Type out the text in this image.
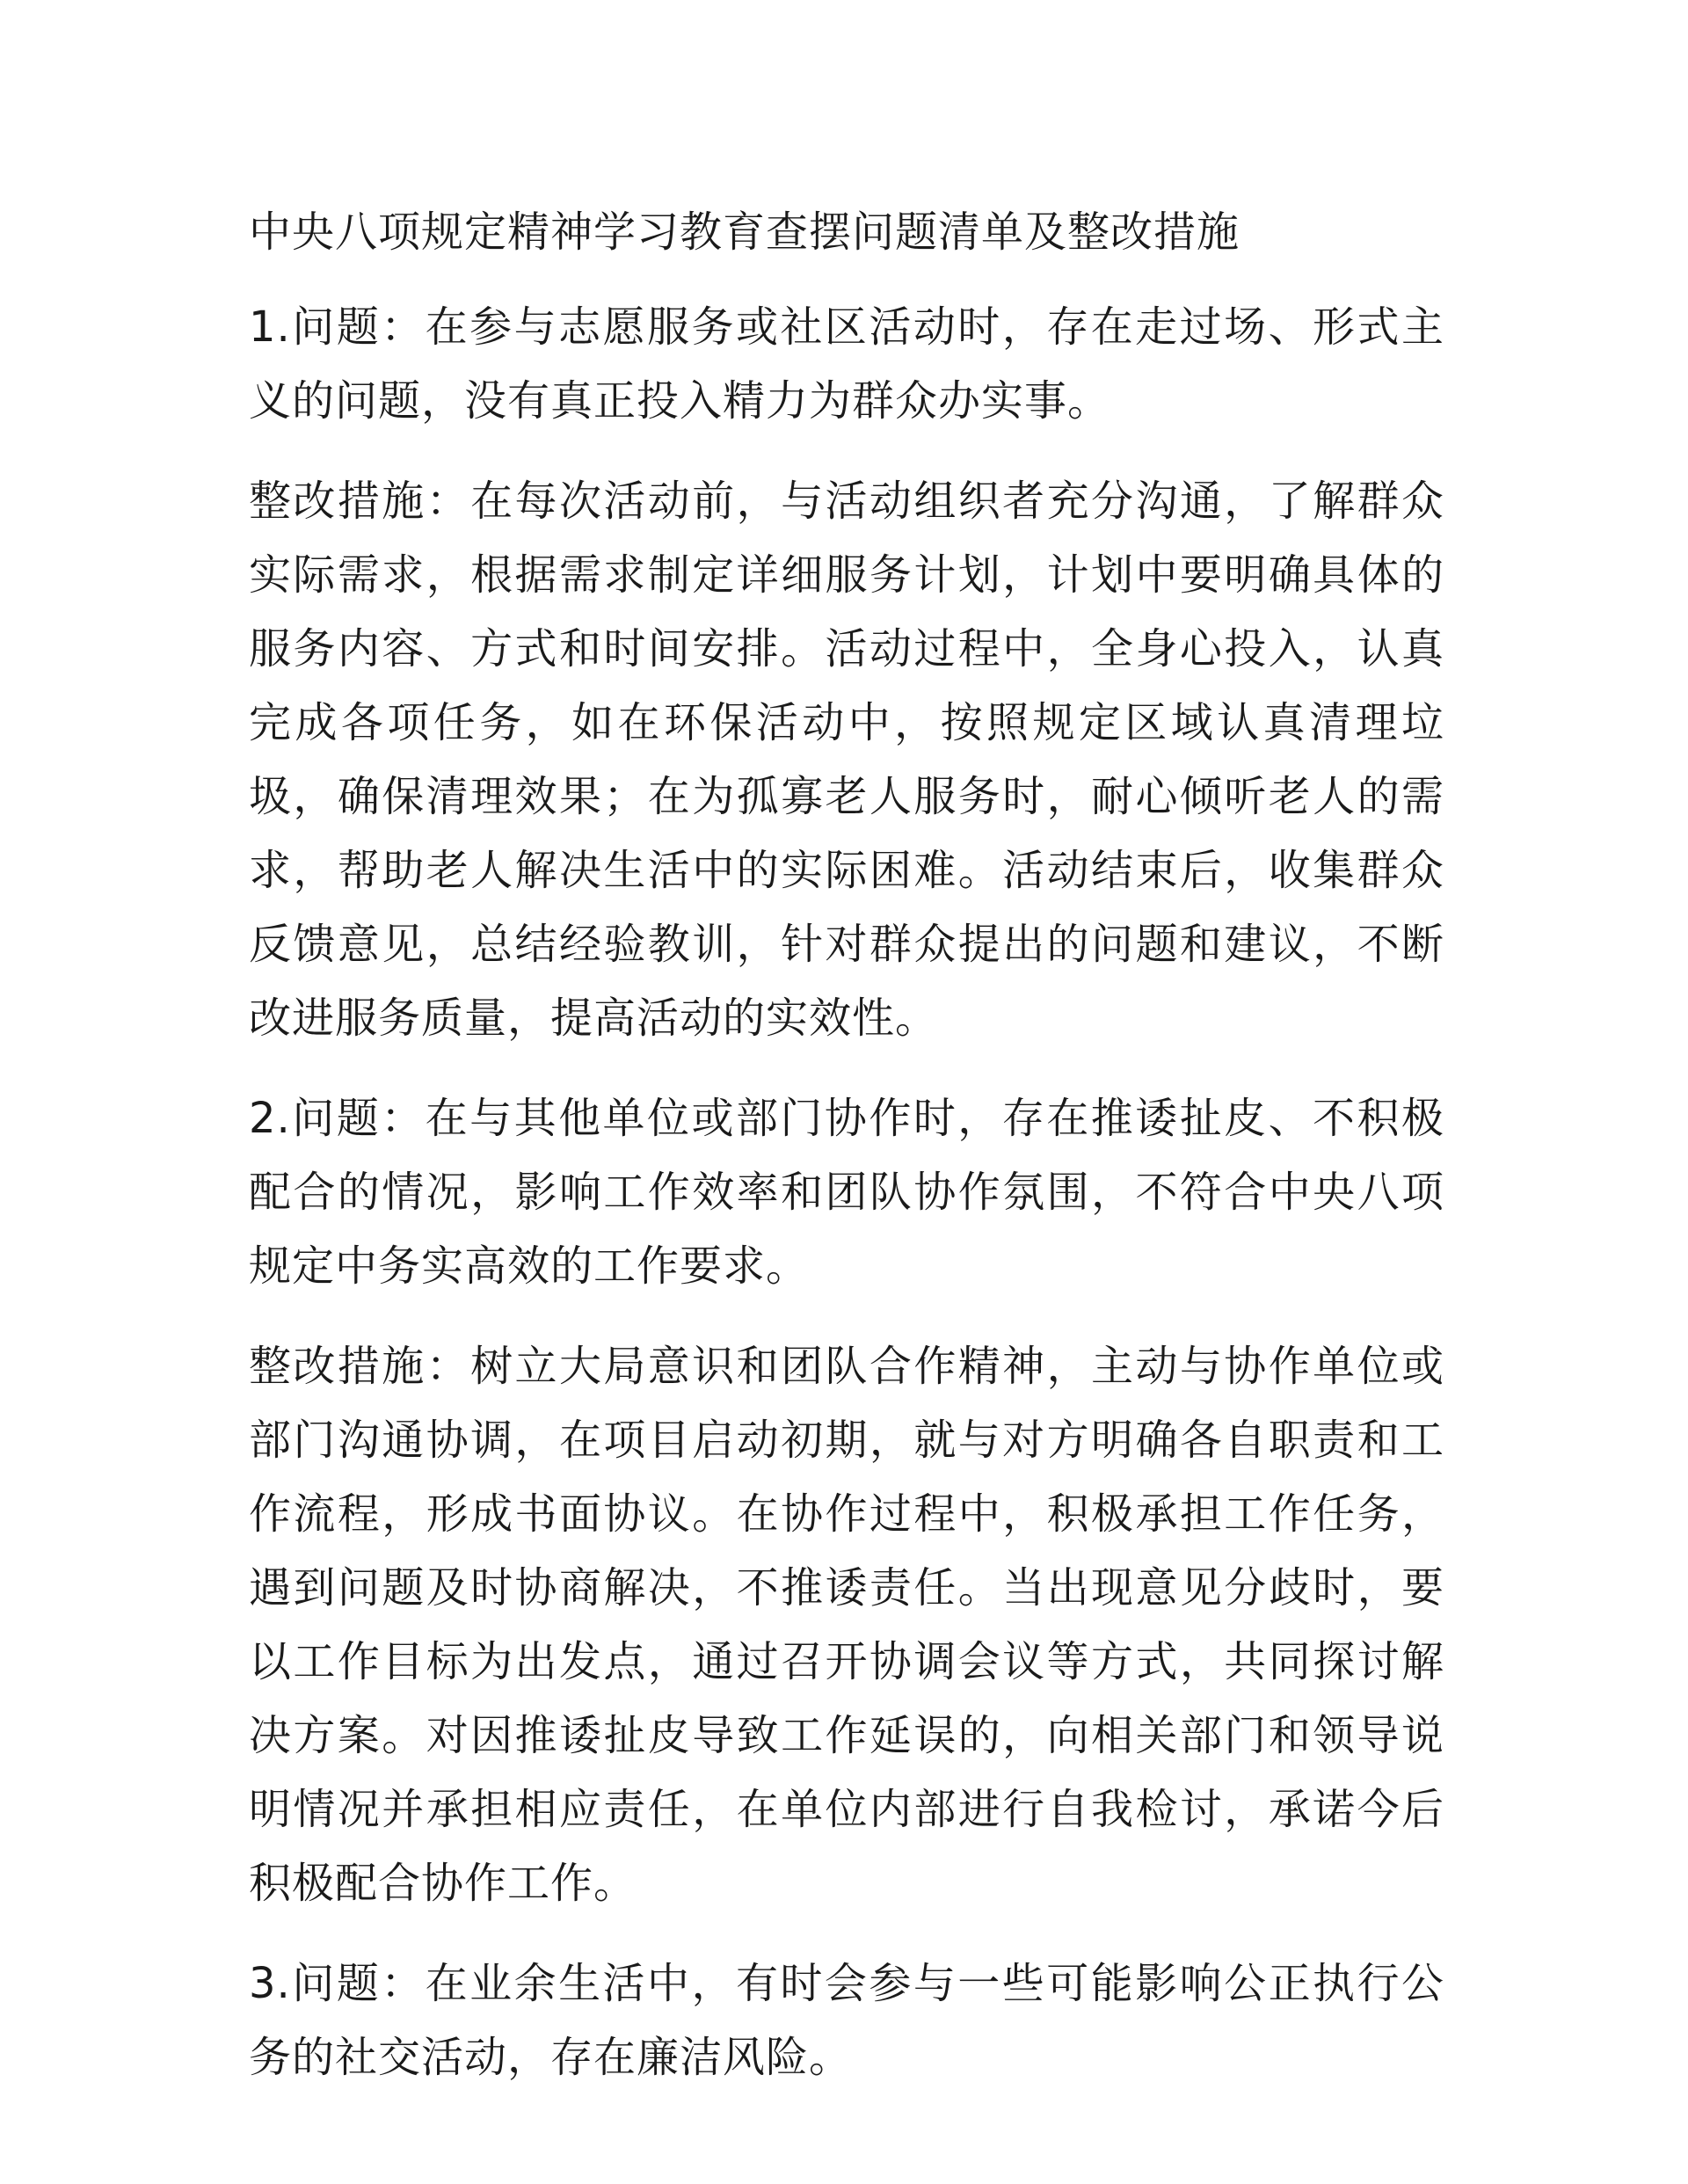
中央八项规定精神学习教育查摆问题清单及整改措施

1.问题：在参与志愿服务或社区活动时，存在走过场、形式主义的问题，没有真正投入精力为群众办实事。

整改措施：在每次活动前，与活动组织者充分沟通，了解群众实际需求，根据需求制定详细服务计划，计划中要明确具体的服务内容、方式和时间安排。活动过程中，全身心投入，认真完成各项任务，如在环保活动中，按照规定区域认真清理垃圾，确保清理效果；在为孤寡老人服务时，耐心倾听老人的需求，帮助老人解决生活中的实际困难。活动结束后，收集群众反馈意见，总结经验教训，针对群众提出的问题和建议，不断改进服务质量，提高活动的实效性。

2.问题：在与其他单位或部门协作时，存在推诿扯皮、不积极配合的情况，影响工作效率和团队协作氛围，不符合中央八项规定中务实高效的工作要求。

整改措施：树立大局意识和团队合作精神，主动与协作单位或部门沟通协调，在项目启动初期，就与对方明确各自职责和工作流程，形成书面协议。在协作过程中，积极承担工作任务，遇到问题及时协商解决，不推诿责任。当出现意见分歧时，要以工作目标为出发点，通过召开协调会议等方式，共同探讨解决方案。对因推诿扯皮导致工作延误的，向相关部门和领导说明情况并承担相应责任，在单位内部进行自我检讨，承诺今后积极配合协作工作。

3.问题：在业余生活中，有时会参与一些可能影响公正执行公务的社交活动，存在廉洁风险。
